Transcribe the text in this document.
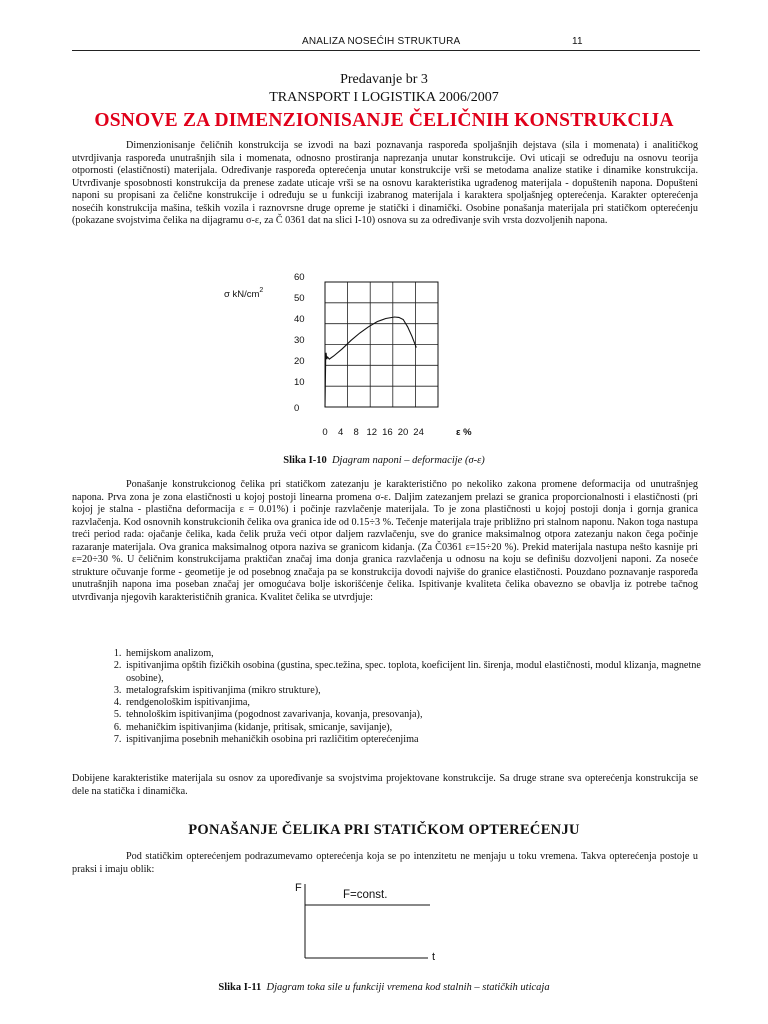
ANALIZA NOSEĆIH STRUKTURA	11
Predavanje br 3
TRANSPORT I LOGISTIKA 2006/2007
OSNOVE ZA DIMENZIONISANJE ČELIČNIH KONSTRUKCIJA

Dimenzionisanje čeličnih konstrukcija se izvodi na bazi poznavanja raspoređa spoljašnjih dejstava (sila i momenata) i analitičkog utvrdjivanja raspoređa unutrašnjih sila i momenata, odnosno prostiranja naprezanja unutar konstrukcije. Ovi uticaji se određuju na osnovu teorija otpornosti (elastičnosti) materijala. Određivanje raspoređa opterećenja unutar konstrukcije vrši se metodama analize statike i dinamike konstrukcija. Utvrđivanje sposobnosti konstrukcija da prenese zadate uticaje vrši se na osnovu karakteristika ugrađenog materijala - dopuštenih napona. Dopušteni naponi su propisani za čelične konstrukcije i određuju se u funkciji izabranog materijala i karaktera spoljašnjeg opterećenja. Karakter opterećenja nosećih konstrukcija mašina, teških vozila i raznovrsne druge opreme je statički i dinamički. Osobine ponašanja materijala pri statičkom opterećenju (pokazane svojstvima čelika na dijagramu σ-ε, za Č 0361 dat na slici I-10) osnova su za određivanje svih vrsta dozvoljenih napona.

60
50
40
30
20
10
0
0 4 8 12 16 20 24
σ $kN/cm^2$
ε %
Slika I-10 Djagram naponi – deformacije (σ-ε)

Ponašanje konstrukcionog čelika pri statičkom zatezanju je karakteristično po nekoliko zakona promene deformacija od unutrašnjeg napona. Prva zona je zona elastičnosti u kojoj postoji linearna promena σ-ε. Daljim zatezanjem prelazi se granica proporcionalnosti i elastičnosti (pri kojoj je stalna - plastična deformacija ε = 0.01%) i počinje razvlačenje materijala. To je zona plastičnosti u kojoj postoji donja i gornja granica razvlačenja. Kod osnovnih konstrukcionih čelika ova granica ide od 0.15÷3 %. Tečenje materijala traje približno pri stalnom naponu. Nakon toga nastupa treći period rada: ojačanje čelika, kada čelik pruža veći otpor daljem razvlačenju, sve do granice maksimalnog otpora zatezanju nakon čega počinje razaranje materijala. Ova granica maksimalnog otpora naziva se granicom kidanja. (Za Č0361 ε=15÷20 %). Prekid materijala nastupa nešto kasnije pri ε=20÷30 %. U čeličnim konstrukcijama praktičan značaj ima donja granica razvlačenja u odnosu na koju se definišu dozvoljeni naponi. Za noseće strukture očuvanje forme - geometije je od posebnog značaja pa se konstrukcija dovodi najviše do granice elastičnosti. Pouzdano poznavanje raspoređa unutrašnjih napona ima poseban značaj jer omogućava bolje iskorišćenje čelika. Ispitivanje kvaliteta čelika obavezno se obavlja iz potrebe tačnog utvrđivanja njegovih karakterističnih granica. Kvalitet čelika se utvrdjuje:

1. hemijskom analizom,
2. ispitivanjima opštih fizičkih osobina (gustina, spec.težina, spec. toplota, koeficijent lin. širenja, modul elastičnosti, modul klizanja, magnetne osobine),
3. metalografskim ispitivanjima (mikro strukture),
4. rendgenološkim ispitivanjima,
5. tehnološkim ispitivanjima (pogodnost zavarivanja, kovanja, presovanja),
6. mehaničkim ispitivanjima (kidanje, pritisak, smicanje, savijanje),
7. ispitivanjima posebnih mehaničkih osobina pri različitim opterećenjima

Dobijene karakteristike materijala su osnov za upoređivanje sa svojstvima projektovane konstrukcije. Sa druge strane sva opterećenja konstrukcija se dele na statička i dinamička.

PONAŠANJE ČELIKA PRI STATIČKOM OPTEREĆENJU

Pod statičkim opterećenjem podrazumevamo opterećenja koja se po intenzitetu ne menjaju u toku vremena. Takva opterećenja postoje u praksi i imaju oblik:

F
t
F=const.
Slika I-11 Djagram toka sile u funkciji vremena kod stalnih – statičkih uticaja
